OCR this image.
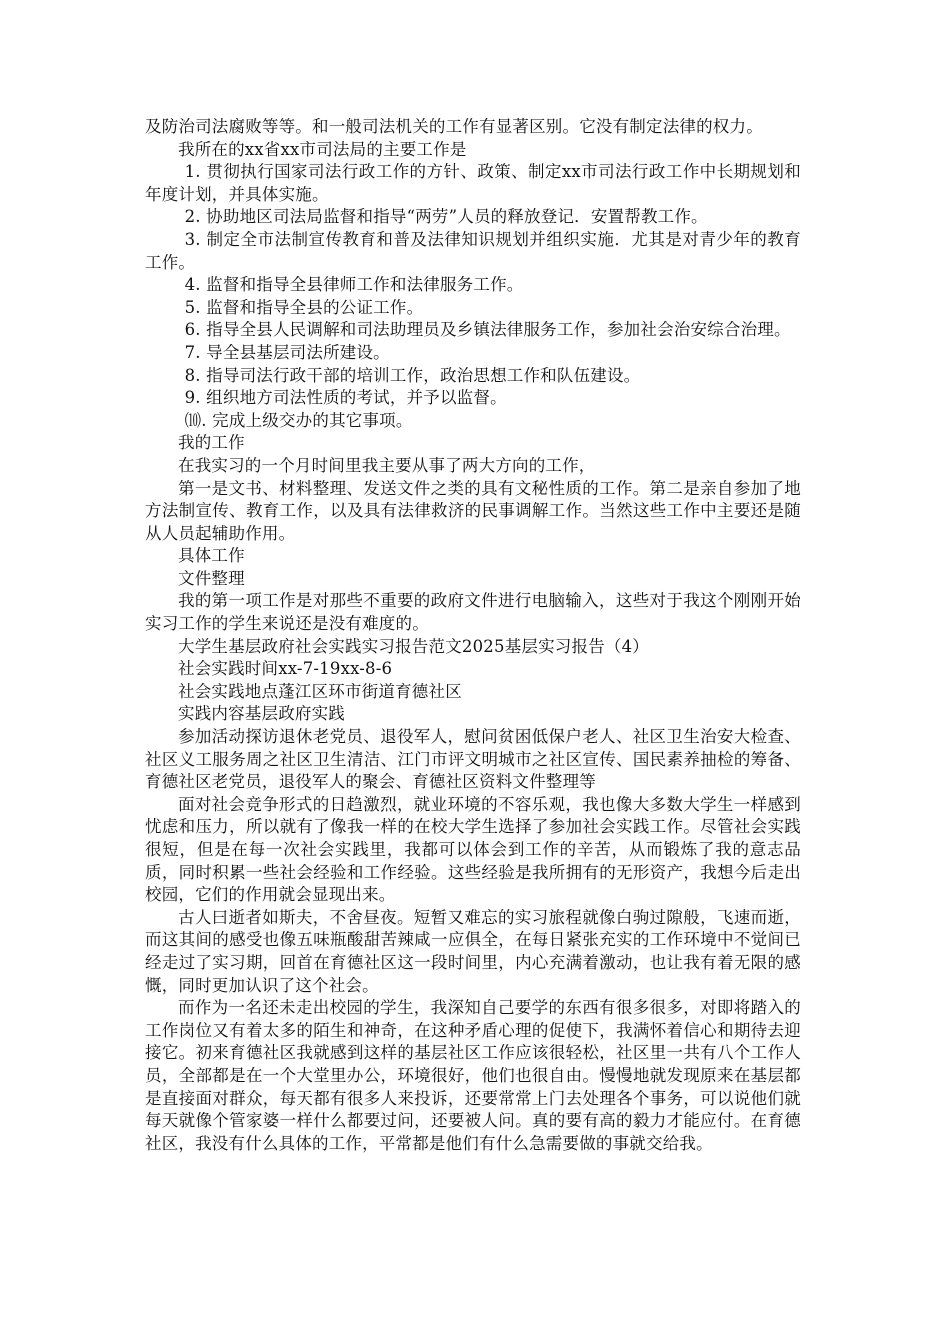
及防治司法腐败等等。和一般司法机关的工作有显著区别。它没有制定法律的权力。

我所在的xx省xx市司法局的主要工作是

1. 贯彻执行国家司法行政工作的方针、政策、制定xx市司法行政工作中长期规划和年度计划，并具体实施。

2. 协助地区司法局监督和指导“两劳”人员的释放登记．安置帮教工作。

3. 制定全市法制宣传教育和普及法律知识规划并组织实施．尤其是对青少年的教育工作。

4. 监督和指导全县律师工作和法律服务工作。

5. 监督和指导全县的公证工作。

6. 指导全县人民调解和司法助理员及乡镇法律服务工作，参加社会治安综合治理。

7. 导全县基层司法所建设。

8. 指导司法行政干部的培训工作，政治思想工作和队伍建设。

9. 组织地方司法性质的考试，并予以监督。

⑽. 完成上级交办的其它事项。

我的工作

在我实习的一个月时间里我主要从事了两大方向的工作，

第一是文书、材料整理、发送文件之类的具有文秘性质的工作。第二是亲自参加了地方法制宣传、教育工作，以及具有法律救济的民事调解工作。当然这些工作中主要还是随从人员起辅助作用。

具体工作

文件整理

我的第一项工作是对那些不重要的政府文件进行电脑输入，这些对于我这个刚刚开始实习工作的学生来说还是没有难度的。

大学生基层政府社会实践实习报告范文2025基层实习报告（4）

社会实践时间xx-7-19xx-8-6

社会实践地点蓬江区环市街道育德社区

实践内容基层政府实践

参加活动探访退休老党员、退役军人，慰问贫困低保户老人、社区卫生治安大检查、社区义工服务周之社区卫生清洁、江门市评文明城市之社区宣传、国民素养抽检的筹备、育德社区老党员，退役军人的聚会、育德社区资料文件整理等

面对社会竞争形式的日趋激烈，就业环境的不容乐观，我也像大多数大学生一样感到忧虑和压力，所以就有了像我一样的在校大学生选择了参加社会实践工作。尽管社会实践很短，但是在每一次社会实践里，我都可以体会到工作的辛苦，从而锻炼了我的意志品质，同时积累一些社会经验和工作经验。这些经验是我所拥有的无形资产，我想今后走出校园，它们的作用就会显现出来。

古人曰逝者如斯夫，不舍昼夜。短暂又难忘的实习旅程就像白驹过隙般，飞速而逝，而这其间的感受也像五味瓶酸甜苦辣咸一应俱全，在每日紧张充实的工作环境中不觉间已经走过了实习期，回首在育德社区这一段时间里，内心充满着激动，也让我有着无限的感慨，同时更加认识了这个社会。

而作为一名还未走出校园的学生，我深知自己要学的东西有很多很多，对即将踏入的工作岗位又有着太多的陌生和神奇，在这种矛盾心理的促使下，我满怀着信心和期待去迎接它。初来育德社区我就感到这样的基层社区工作应该很轻松，社区里一共有八个工作人员，全部都是在一个大堂里办公，环境很好，他们也很自由。慢慢地就发现原来在基层都是直接面对群众，每天都有很多人来投诉，还要常常上门去处理各个事务，可以说他们就每天就像个管家婆一样什么都要过问，还要被人问。真的要有高的毅力才能应付。在育德社区，我没有什么具体的工作，平常都是他们有什么急需要做的事就交给我。
